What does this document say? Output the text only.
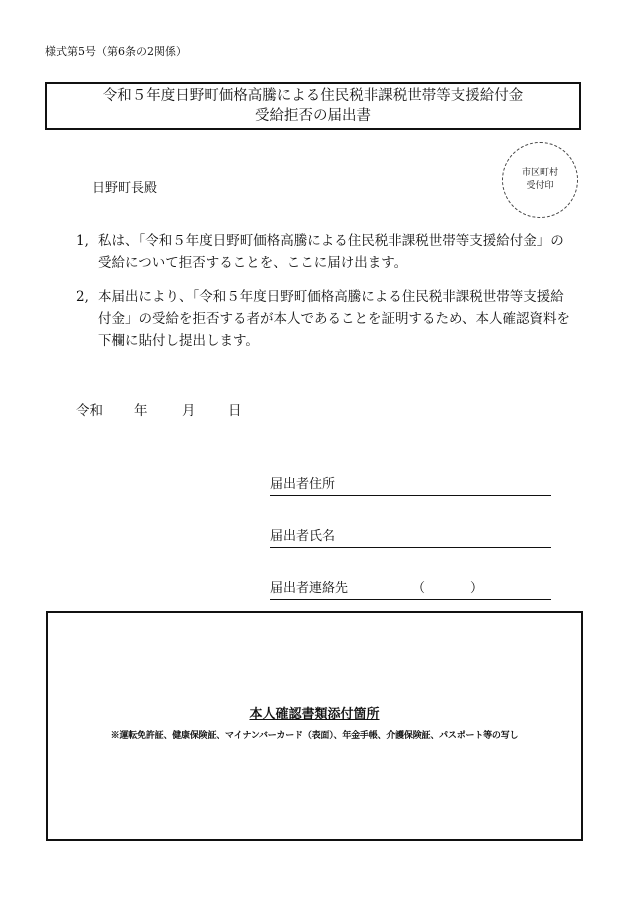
様式第5号（第6条の2関係）
令和５年度日野町価格高騰による住民税非課税世帯等支援給付金
受給拒否の届出書
日野町長殿
市区町村
受付印
1, 私は、「令和５年度日野町価格高騰による住民税非課税世帯等支援給付金」の受給について拒否することを、ここに届け出ます。
2, 本届出により、「令和５年度日野町価格高騰による住民税非課税世帯等支援給付金」の受給を拒否する者が本人であることを証明するため、本人確認資料を下欄に貼付し提出します。
令和	年	月	日
届出者住所
届出者氏名
届出者連絡先	（	）
本人確認書類添付箇所
※運転免許証、健康保険証、マイナンバーカード（表面）、年金手帳、介護保険証、パスポート等の写し
